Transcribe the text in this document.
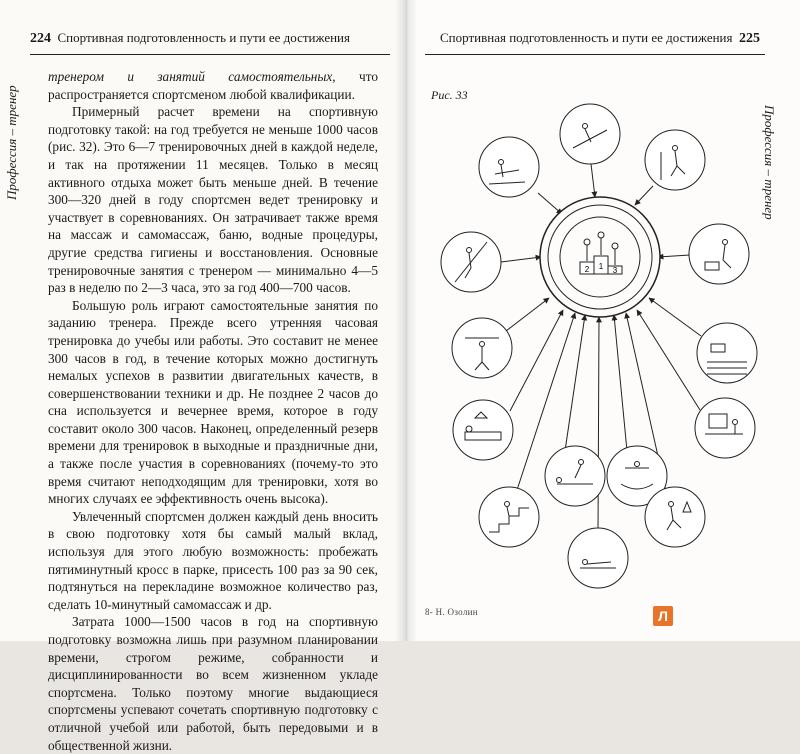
224 Спортивная подготовленность и пути ее достижения
Профессия – тренер

тренером и занятий самостоятельных, что распространяется спортсменом любой квалификации.

Примерный расчет времени на спортивную подготовку такой: на год требуется не меньше 1000 часов (рис. 32). Это 6—7 тренировочных дней в каждой неделе, и так на протяжении 11 месяцев. Только в месяц активного отдыха может быть меньше дней. В течение 300—320 дней в году спортсмен ведет тренировку и участвует в соревнованиях. Он затрачивает также время на массаж и самомассаж, баню, водные процедуры, другие средства гигиены и восстановления. Основные тренировочные занятия с тренером — минимально 4—5 раз в неделю по 2—3 часа, это за год 400—700 часов.

Большую роль играют самостоятельные занятия по заданию тренера. Прежде всего утренняя часовая тренировка до учебы или работы. Это составит не менее 300 часов в год, в течение которых можно достигнуть немалых успехов в развитии двигательных качеств, в совершенствовании техники и др. Не позднее 2 часов до сна используется и вечернее время, которое в году составит около 300 часов. Наконец, определенный резерв времени для тренировок в выходные и праздничные дни, а также после участия в соревнованиях (почему-то это время считают неподходящим для тренировки, хотя во многих случаях ее эффективность очень высока).

Увлеченный спортсмен должен каждый день вносить в свою подготовку хотя бы самый малый вклад, используя для этого любую возможность: пробежать пятиминутный кросс в парке, присесть 100 раз за 90 сек, подтянуться на перекладине возможное количество раз, сделать 10-минутный самомассаж и др.

Затрата 1000—1500 часов в год на спортивную подготовку возможна лишь при разумном планировании времени, строгом режиме, собранности и дисциплинированности во всем жизненном укладе спортсмена. Только поэтому многие выдающиеся спортсмены успевают сочетать спортивную подготовку с отличной учебой или работой, быть передовыми и в общественной жизни.

Спортивная подготовленность и пути ее достижения 225
Профессия – тренер
Рис. 33
2 1 3
8- Н. Озолин	Л
